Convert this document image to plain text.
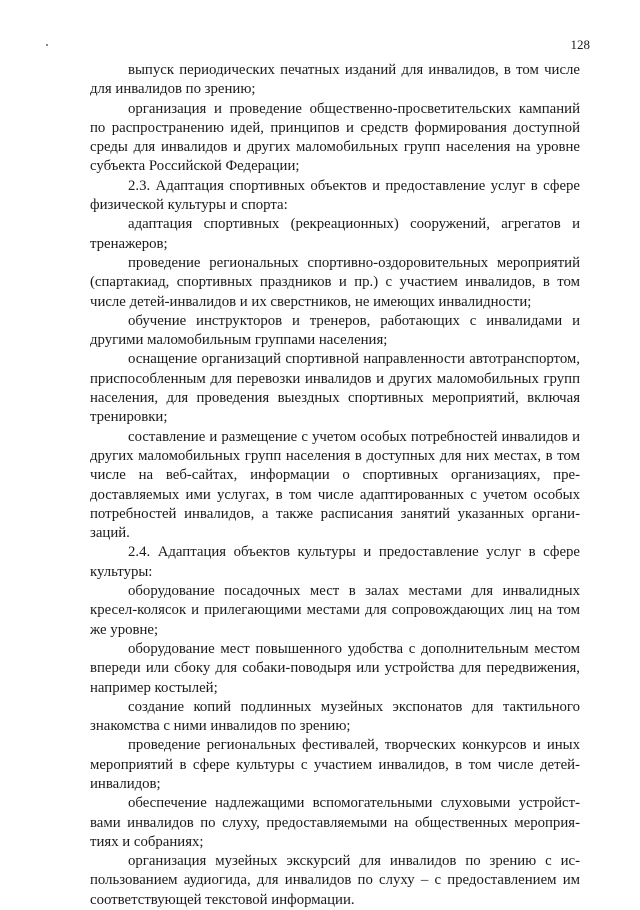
128

выпуск периодических печатных изданий для инвалидов, в том числе для инвалидов по зрению;

организация и проведение общественно-просветительских кампаний по распространению идей, принципов и средств формирования доступной среды для инвалидов и других маломобильных групп населения на уровне субъекта Российской Федерации;

2.3. Адаптация спортивных объектов и предоставление услуг в сфере физической культуры и спорта:

адаптация спортивных (рекреационных) сооружений, агрегатов и тренажеров;

проведение региональных спортивно-оздоровительных мероприятий (спартакиад, спортивных праздников и пр.) с участием инвалидов, в том числе детей-инвалидов и их сверстников, не имеющих инвалидности;

обучение инструкторов и тренеров, работающих с инвалидами и другими маломобильным группами населения;

оснащение организаций спортивной направленности автотранспортом, приспособленным для перевозки инвалидов и других маломобильных групп населения, для проведения выездных спортивных мероприятий, включая тренировки;

составление и размещение с учетом особых потребностей инвалидов и других маломобильных групп населения в доступных для них местах, в том числе на веб-сайтах, информации о спортивных организациях, предоставляемых ими услугах, в том числе адаптированных с учетом особых потребностей инвалидов, а также расписания занятий указанных организаций.

2.4. Адаптация объектов культуры и предоставление услуг в сфере культуры:

оборудование посадочных мест в залах местами для инвалидных кресел-колясок и прилегающими местами для сопровождающих лиц на том же уровне;

оборудование мест повышенного удобства с дополнительным местом впереди или сбоку для собаки-поводыря или устройства для передвижения, например костылей;

создание копий подлинных музейных экспонатов для тактильного знакомства с ними инвалидов по зрению;

проведение региональных фестивалей, творческих конкурсов и иных мероприятий в сфере культуры с участием инвалидов, в том числе детей-инвалидов;

обеспечение надлежащими вспомогательными слуховыми устройствами инвалидов по слуху, предоставляемыми на общественных мероприятиях и собраниях;

организация музейных экскурсий для инвалидов по зрению с использованием аудиогида, для инвалидов по слуху – с предоставлением им соответствующей текстовой информации.
